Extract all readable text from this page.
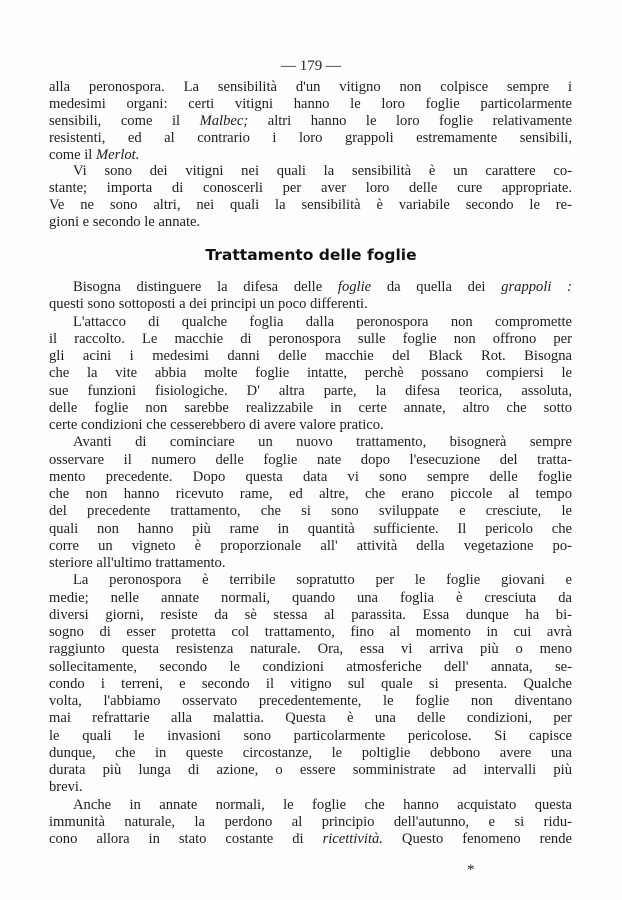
— 179 —
alla peronospora. La sensibilità d'un vitigno non colpisce sempre i
medesimi organi: certi vitigni hanno le loro foglie particolarmente
sensibili, come il Malbec; altri hanno le loro foglie relativamente
resistenti, ed al contrario i loro grappoli estremamente sensibili,
come il Merlot.
Vi sono dei vitigni nei quali la sensibilità è un carattere co-
stante; importa di conoscerli per aver loro delle cure appropriate.
Ve ne sono altri, nei quali la sensibilità è variabile secondo le re-
gioni e secondo le annate.
Trattamento delle foglie
Bisogna distinguere la difesa delle foglie da quella dei grappoli :
questi sono sottoposti a dei principi un poco differenti.
L'attacco di qualche foglia dalla peronospora non compromette
il raccolto. Le macchie di peronospora sulle foglie non offrono per
gli acini i medesimi danni delle macchie del Black Rot. Bisogna
che la vite abbia molte foglie intatte, perchè possano compiersi le
sue funzioni fisiologiche. D' altra parte, la difesa teorica, assoluta,
delle foglie non sarebbe realizzabile in certe annate, altro che sotto
certe condizioni che cesserebbero di avere valore pratico.
Avanti di cominciare un nuovo trattamento, bisognerà sempre
osservare il numero delle foglie nate dopo l'esecuzione del tratta-
mento precedente. Dopo questa data vi sono sempre delle foglie
che non hanno ricevuto rame, ed altre, che erano piccole al tempo
del precedente trattamento, che si sono sviluppate e cresciute, le
quali non hanno più rame in quantità sufficiente. Il pericolo che
corre un vigneto è proporzionale all' attività della vegetazione po-
steriore all'ultimo trattamento.
La peronospora è terribile sopratutto per le foglie giovani e
medie; nelle annate normali, quando una foglia è cresciuta da
diversi giorni, resiste da sè stessa al parassita. Essa dunque ha bi-
sogno di esser protetta col trattamento, fino al momento in cui avrà
raggiunto questa resistenza naturale. Ora, essa vi arriva più o meno
sollecitamente, secondo le condizioni atmosferiche dell' annata, se-
condo i terreni, e secondo il vitigno sul quale si presenta. Qualche
volta, l'abbiamo osservato precedentemente, le foglie non diventano
mai refrattarie alla malattia. Questa è una delle condizioni, per
le quali le invasioni sono particolarmente pericolose. Si capisce
dunque, che in queste circostanze, le poltiglie debbono avere una
durata più lunga di azione, o essere somministrate ad intervalli più
brevi.
Anche in annate normali, le foglie che hanno acquistato questa
immunità naturale, la perdono al principio dell'autunno, e si ridu-
cono allora in stato costante di ricettività. Questo fenomeno rende
*
